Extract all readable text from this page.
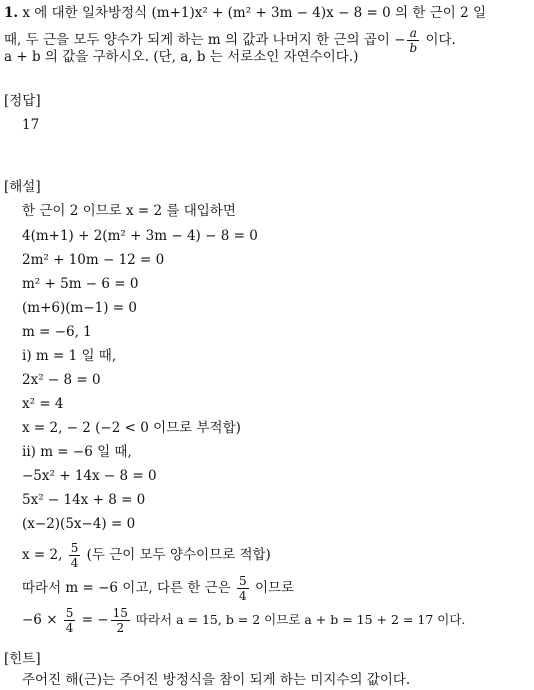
1. x 에 대한 일차방정식 (m+1)x² + (m² + 3m − 4)x − 8 = 0 의 한 근이 2 일
때, 두 근을 모두 양수가 되게 하는 m 의 값과 나머지 한 근의 곱이 − $\frac{a}{b}$ 이다.
a + b 의 값을 구하시오. (단, a, b 는 서로소인 자연수이다.)
[정답]
17
[해설]
한 근이 2 이므로 x = 2 를 대입하면
4(m+1) + 2(m² + 3m − 4) − 8 = 0
2m² + 10m − 12 = 0
m² + 5m − 6 = 0
(m+6)(m−1) = 0
m = −6, 1
i) m = 1 일 때,
2x² − 8 = 0
x² = 4
x = 2, − 2 (−2 < 0 이므로 부적합)
ii) m = −6 일 때,
−5x² + 14x − 8 = 0
5x² − 14x + 8 = 0
(x−2)(5x−4) = 0
x = 2, $\frac{5}{4}$ (두 근이 모두 양수이므로 적합)
따라서 m = −6 이고, 다른 한 근은 $\frac{5}{4}$ 이므로
$-6 \times \frac{5}{4}$ = − $\frac{15}{2}$ 따라서 a = 15, b = 2 이므로 a + b = 15 + 2 = 17 이다.
[힌트]
주어진 해(근)는 주어진 방정식을 참이 되게 하는 미지수의 값이다.
